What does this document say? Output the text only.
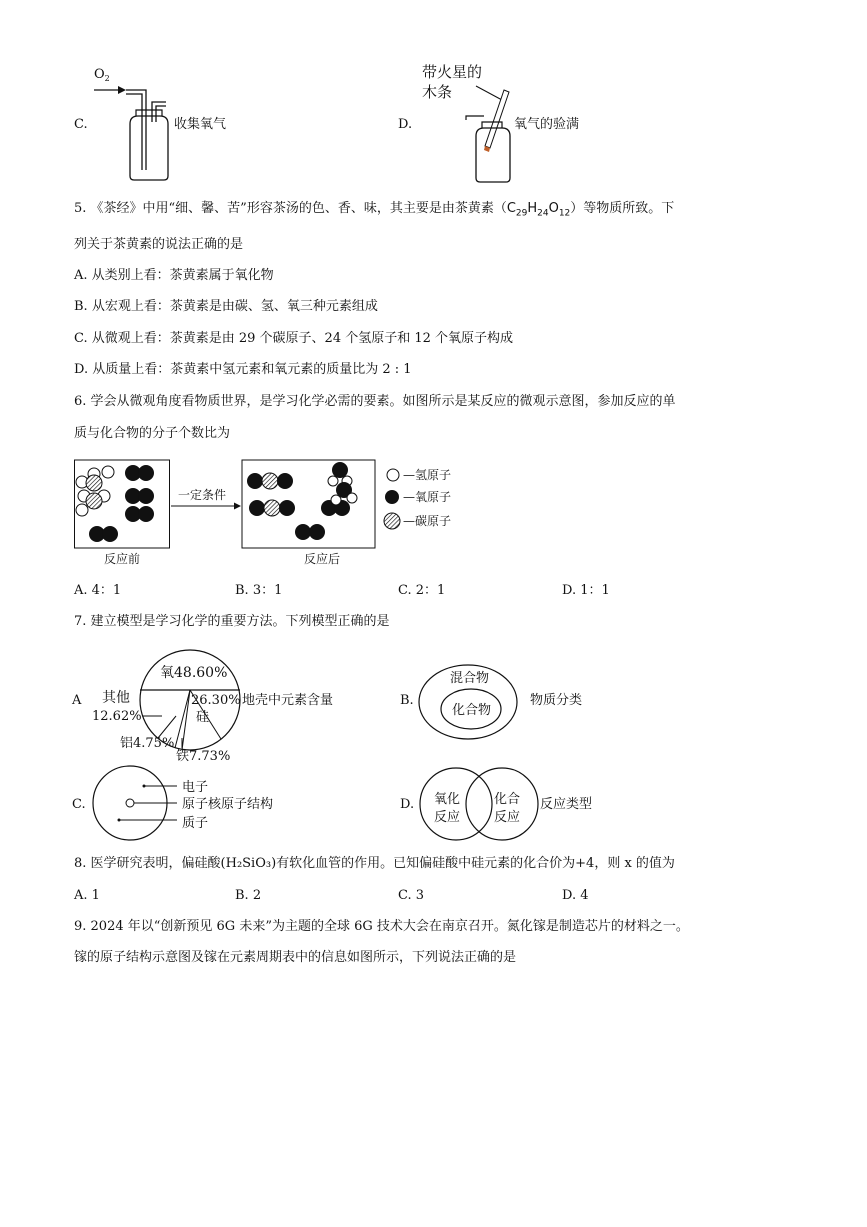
C.
$O_2$
收集氧气	D.
带火星的
木条
氧气的验满
5. 《茶经》中用“细、馨、苦”形容茶汤的色、香、味，其主要是由茶黄素$(C_{29}H_{24}O_{12})$等物质所致。下
列关于茶黄素的说法正确的是
A. 从类别上看：茶黄素属于氧化物
B. 从宏观上看：茶黄素是由碳、氢、氧三种元素组成
C. 从微观上看：茶黄素是由 29 个碳原子、24 个氢原子和 12 个氧原子构成
D. 从质量上看：茶黄素中氢元素和氧元素的质量比为 2 : 1
6. 学会从微观角度看物质世界，是学习化学必需的要素。如图所示是某反应的微观示意图，参加反应的单
质与化合物的分子个数比为
一定条件
—氢原子
—氧原子
—碳原子
反应前	反应后
A. 4：1	B. 3：1	C. 2：1	D. 1：1
7. 建立模型是学习化学的重要方法。下列模型正确的是
A
氧48.60%
其他
12.62%
26.30%
硅
铝4.75%
铁7.73%
地壳中元素含量	B.
混合物
化合物
物质分类
C.
电子
原子核原子结构
质子
D. 氧化
反应
化合
反应
反应类型
8. 医学研究表明，偏硅酸(H₂SiO₃)有软化血管的作用。已知偏硅酸中硅元素的化合价为+4，则 x 的值为
A. 1	B. 2	C. 3	D. 4
9. 2024 年以“创新预见 6G 未来”为主题的全球 6G 技术大会在南京召开。氮化镓是制造芯片的材料之一。
镓的原子结构示意图及镓在元素周期表中的信息如图所示，下列说法正确的是
